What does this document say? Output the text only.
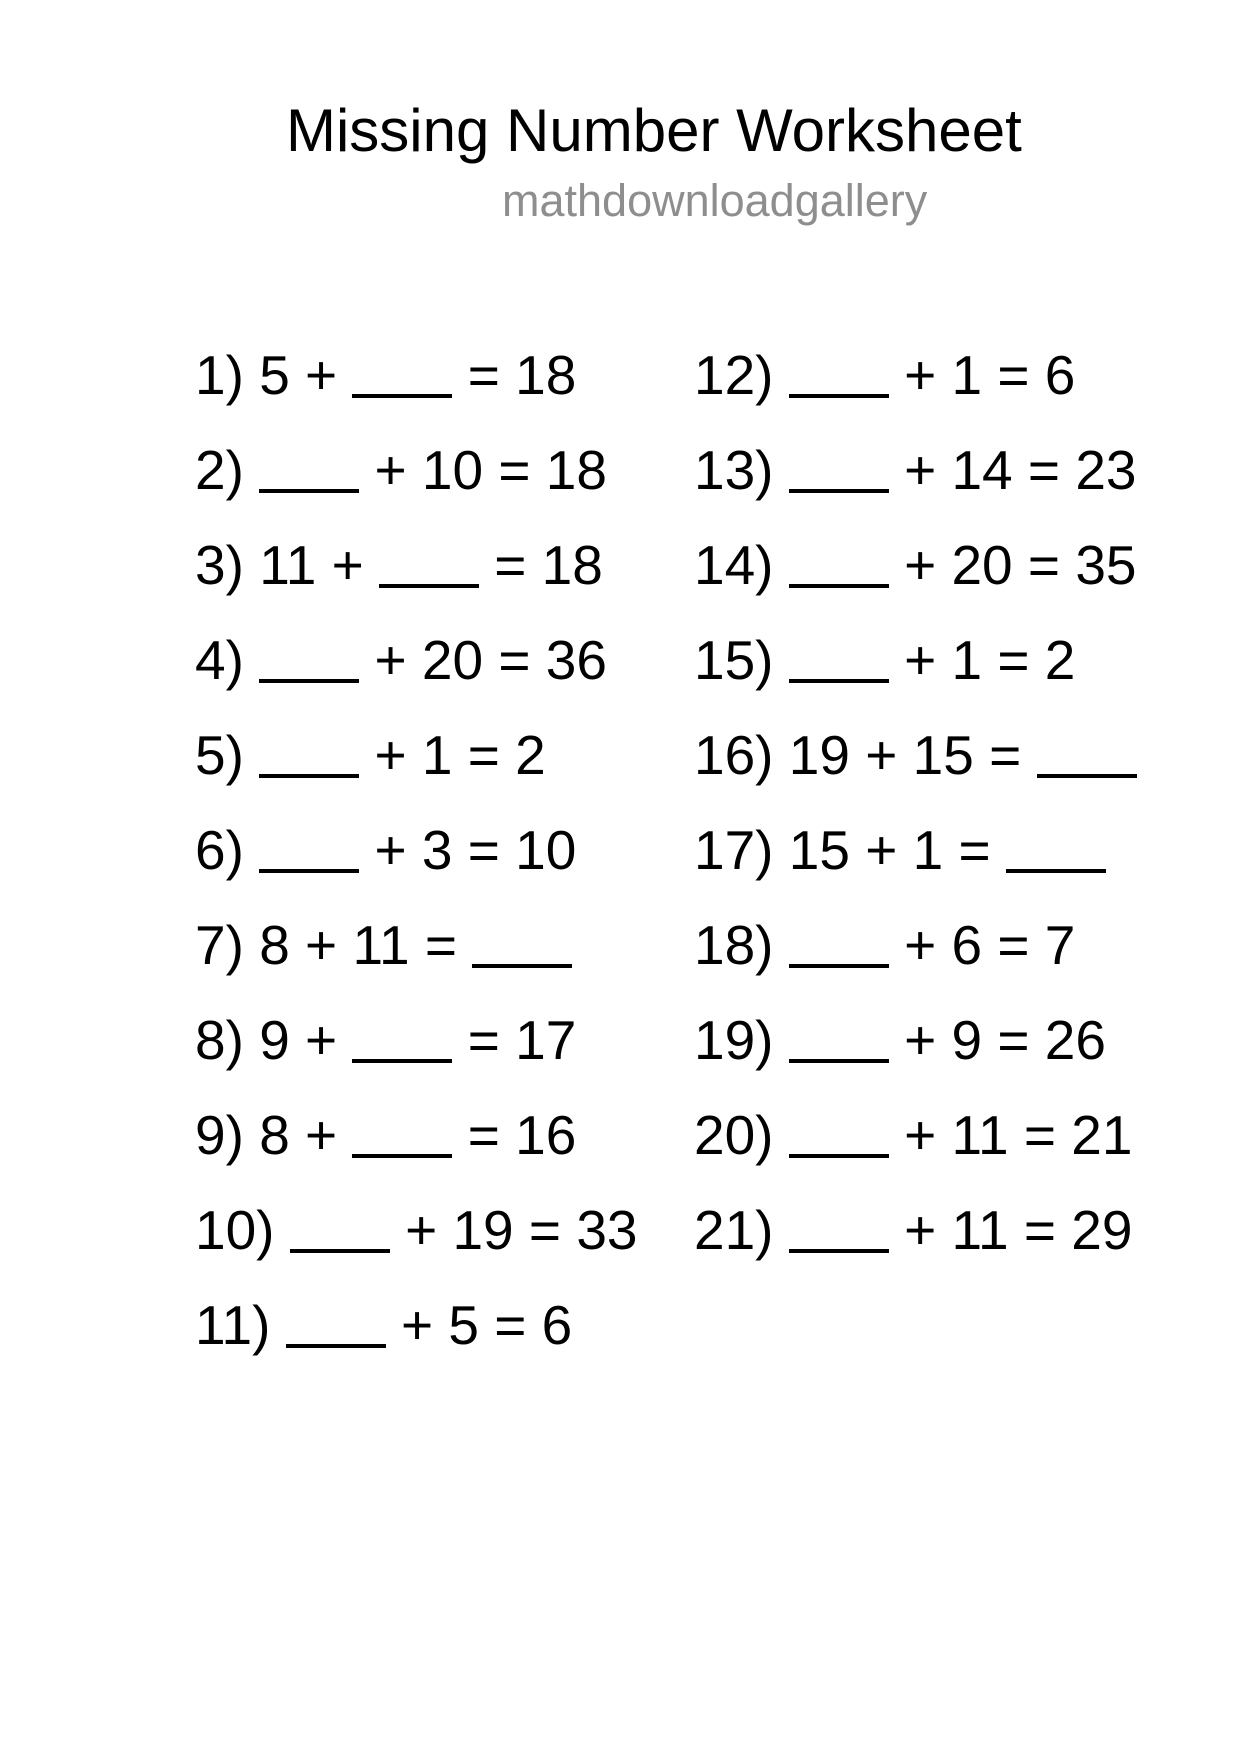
Missing Number Worksheet
mathdownloadgallery
1) 5 + = 18
2) + 10 = 18
3) 11 + = 18
4) + 20 = 36
5) + 1 = 2
6) + 3 = 10
7) 8 + 11 =
8) 9 + = 17
9) 8 + = 16
10) + 19 = 33
11) + 5 = 6
12) + 1 = 6
13) + 14 = 23
14) + 20 = 35
15) + 1 = 2
16) 19 + 15 =
17) 15 + 1 =
18) + 6 = 7
19) + 9 = 26
20) + 11 = 21
21) + 11 = 29
